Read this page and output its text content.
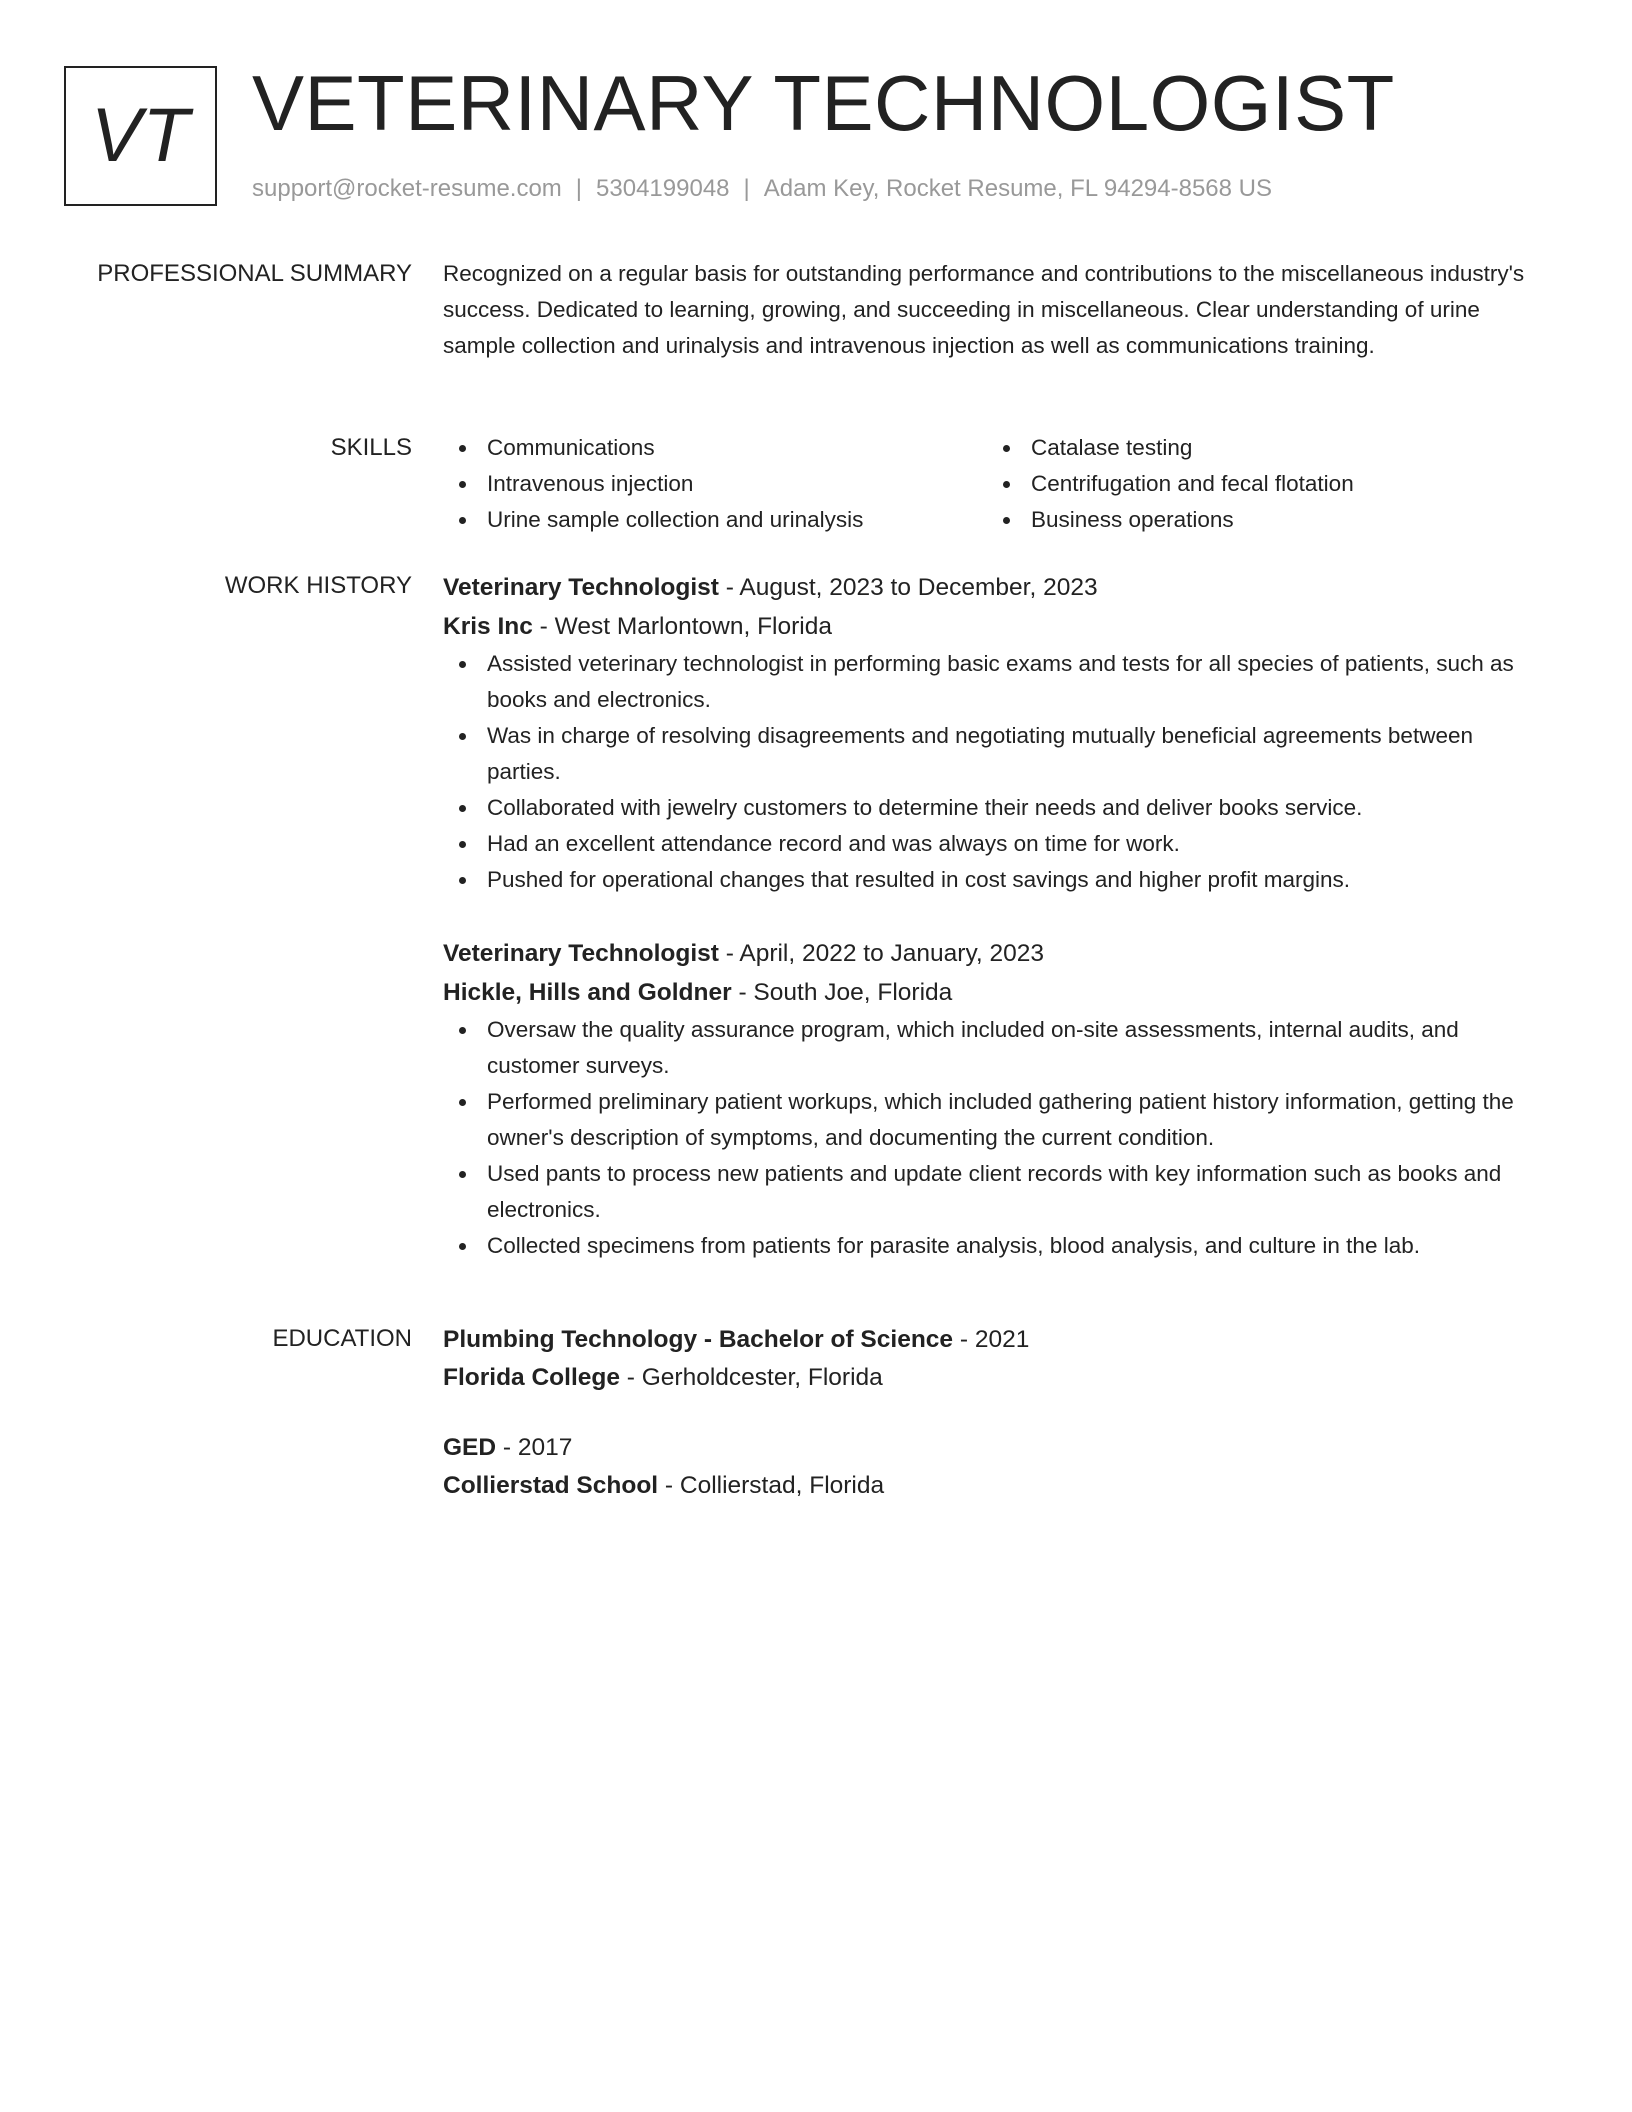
VT VETERINARY TECHNOLOGIST
support@rocket-resume.com | 5304199048 | Adam Key, Rocket Resume, FL 94294-8568 US
PROFESSIONAL SUMMARY Recognized on a regular basis for outstanding performance and contributions to the miscellaneous industry's success. Dedicated to learning, growing, and succeeding in miscellaneous. Clear understanding of urine sample collection and urinalysis and intravenous injection as well as communications training.

SKILLS	Communications
Intravenous injection
Urine sample collection and urinalysis
Catalase testing
Centrifugation and fecal flotation
Business operations
WORK HISTORY Veterinary Technologist - August, 2023 to December, 2023
Kris Inc - West Marlontown, Florida
Assisted veterinary technologist in performing basic exams and tests for all species of patients, such as books and electronics.
Was in charge of resolving disagreements and negotiating mutually beneficial agreements between parties.
Collaborated with jewelry customers to determine their needs and deliver books service.
Had an excellent attendance record and was always on time for work.
Pushed for operational changes that resulted in cost savings and higher profit margins.
Veterinary Technologist - April, 2022 to January, 2023
Hickle, Hills and Goldner - South Joe, Florida
Oversaw the quality assurance program, which included on-site assessments, internal audits, and customer surveys.
Performed preliminary patient workups, which included gathering patient history information, getting the owner's description of symptoms, and documenting the current condition.
Used pants to process new patients and update client records with key information such as books and electronics.
Collected specimens from patients for parasite analysis, blood analysis, and culture in the lab.
EDUCATION Plumbing Technology - Bachelor of Science - 2021
Florida College - Gerholdcester, Florida
GED - 2017
Collierstad School - Collierstad, Florida
